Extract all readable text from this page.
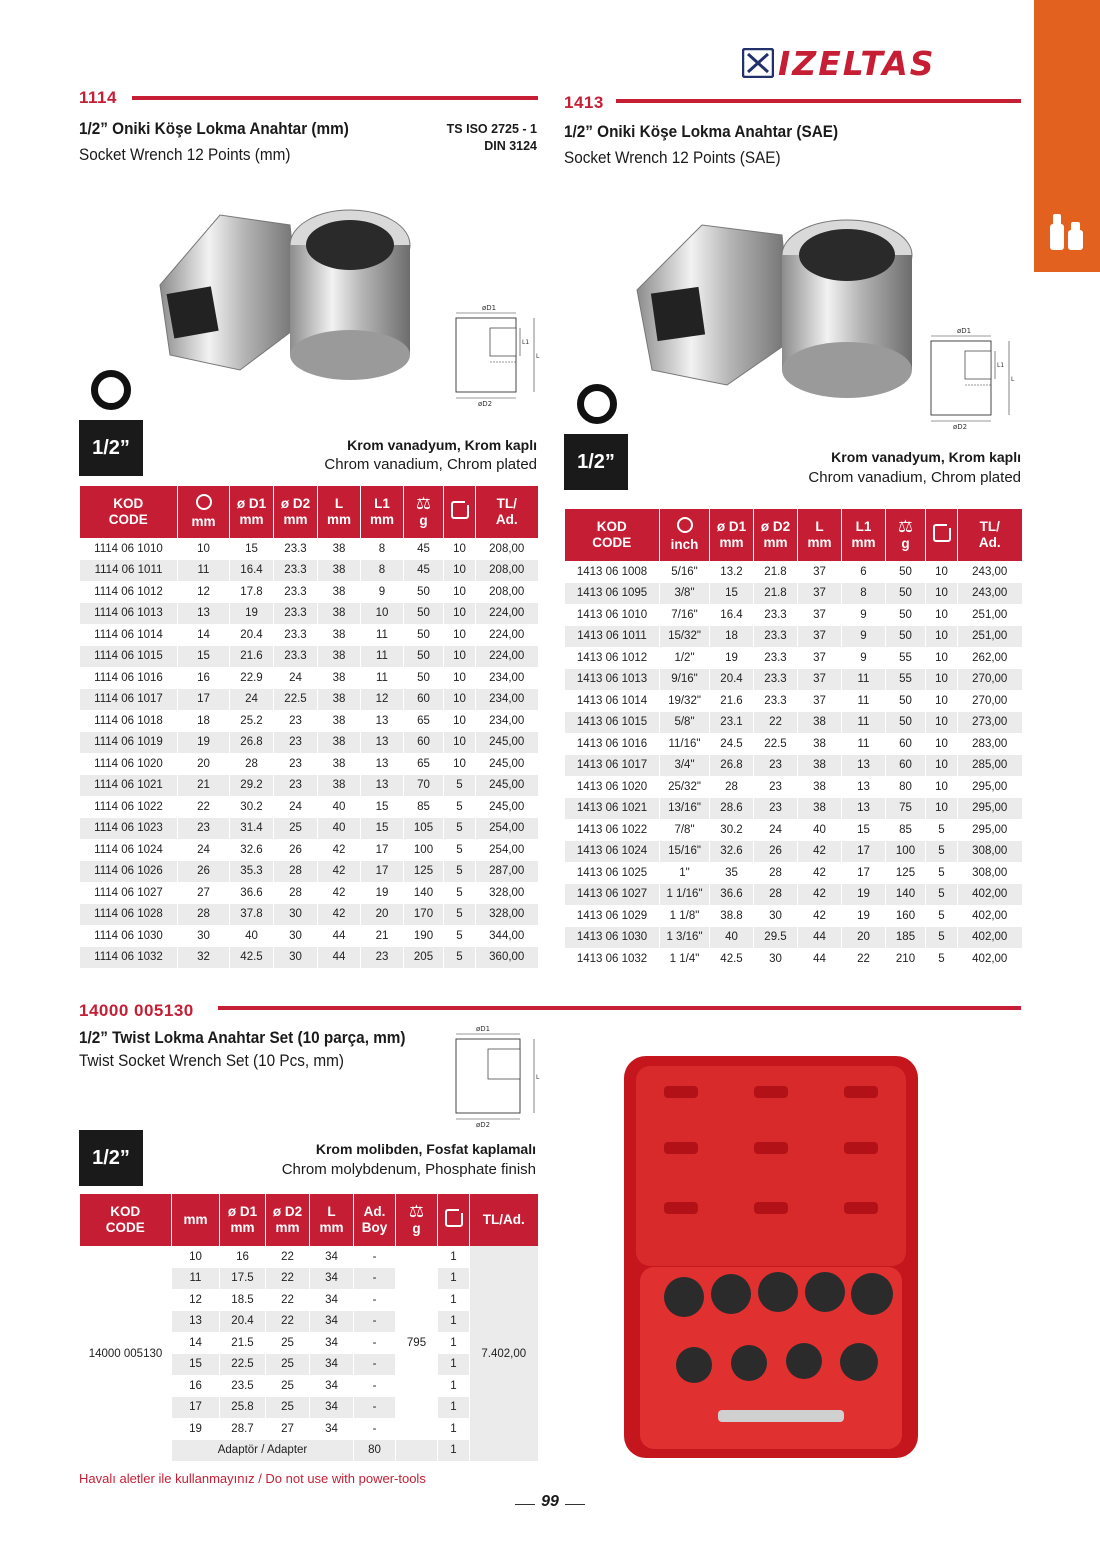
IZELTAS
1114
1/2” Oniki Köşe Lokma Anahtar (mm)
Socket Wrench 12 Points (mm)
TS ISO 2725 - 1
DIN 3124
øD1
L1
L
øD2
1/2”	Krom vanadyum, Krom kaplı
Chrom vanadium, Chrom plated
KOD
CODE	mm	ø D1
mm	ø D2
mm	L
mm	L1
mm	⚖
g		TL/
Ad.
1114 06 1010	10	15	23.3	38	8	45	10	208,00
1114 06 1011	11	16.4	23.3	38	8	45	10	208,00
1114 06 1012	12	17.8	23.3	38	9	50	10	208,00
1114 06 1013	13	19	23.3	38	10	50	10	224,00
1114 06 1014	14	20.4	23.3	38	11	50	10	224,00
1114 06 1015	15	21.6	23.3	38	11	50	10	224,00
1114 06 1016	16	22.9	24	38	11	50	10	234,00
1114 06 1017	17	24	22.5	38	12	60	10	234,00
1114 06 1018	18	25.2	23	38	13	65	10	234,00
1114 06 1019	19	26.8	23	38	13	60	10	245,00
1114 06 1020	20	28	23	38	13	65	10	245,00
1114 06 1021	21	29.2	23	38	13	70	5	245,00
1114 06 1022	22	30.2	24	40	15	85	5	245,00
1114 06 1023	23	31.4	25	40	15	105	5	254,00
1114 06 1024	24	32.6	26	42	17	100	5	254,00
1114 06 1026	26	35.3	28	42	17	125	5	287,00
1114 06 1027	27	36.6	28	42	19	140	5	328,00
1114 06 1028	28	37.8	30	42	20	170	5	328,00
1114 06 1030	30	40	30	44	21	190	5	344,00
1114 06 1032	32	42.5	30	44	23	205	5	360,00
1413
1/2” Oniki Köşe Lokma Anahtar (SAE)
Socket Wrench 12 Points (SAE)
øD1
L1
L
øD2
1/2”	Krom vanadyum, Krom kaplı
Chrom vanadium, Chrom plated
KOD
CODE	inch	ø D1
mm	ø D2
mm	L
mm	L1
mm	⚖
g		TL/
Ad.
1413 06 1008	5/16"	13.2	21.8	37	6	50	10	243,00
1413 06 1095	3/8"	15	21.8	37	8	50	10	243,00
1413 06 1010	7/16"	16.4	23.3	37	9	50	10	251,00
1413 06 1011	15/32"	18	23.3	37	9	50	10	251,00
1413 06 1012	1/2"	19	23.3	37	9	55	10	262,00
1413 06 1013	9/16"	20.4	23.3	37	11	55	10	270,00
1413 06 1014	19/32"	21.6	23.3	37	11	50	10	270,00
1413 06 1015	5/8"	23.1	22	38	11	50	10	273,00
1413 06 1016	11/16"	24.5	22.5	38	11	60	10	283,00
1413 06 1017	3/4"	26.8	23	38	13	60	10	285,00
1413 06 1020	25/32"	28	23	38	13	80	10	295,00
1413 06 1021	13/16"	28.6	23	38	13	75	10	295,00
1413 06 1022	7/8"	30.2	24	40	15	85	5	295,00
1413 06 1024	15/16"	32.6	26	42	17	100	5	308,00
1413 06 1025	1"	35	28	42	17	125	5	308,00
1413 06 1027	1 1/16"	36.6	28	42	19	140	5	402,00
1413 06 1029	1 1/8"	38.8	30	42	19	160	5	402,00
1413 06 1030	1 3/16"	40	29.5	44	20	185	5	402,00
1413 06 1032	1 1/4"	42.5	30	44	22	210	5	402,00
14000 005130
1/2” Twist Lokma Anahtar Set (10 parça, mm)
Twist Socket Wrench Set (10 Pcs, mm)
øD1
L
øD2
1/2”	Krom molibden, Fosfat kaplamalı
Chrom molybdenum, Phosphate finish
KOD
CODE	mm	ø D1
mm	ø D2
mm	L
mm	Ad.
Boy	⚖
g		TL/Ad.
14000 005130	10	16	22	34	-	795	1	7.402,00
	11	17.5	22	34	-		1	
	12	18.5	22	34	-		1	
	13	20.4	22	34	-		1	
	14	21.5	25	34	-		1	
	15	22.5	25	34	-		1	
	16	23.5	25	34	-		1	
	17	25.8	25	34	-		1	
	19	28.7	27	34	-		1	
	Adaptör / Adapter				80		1	
Havalı aletler ile kullanmayınız / Do not use with power-tools
99
